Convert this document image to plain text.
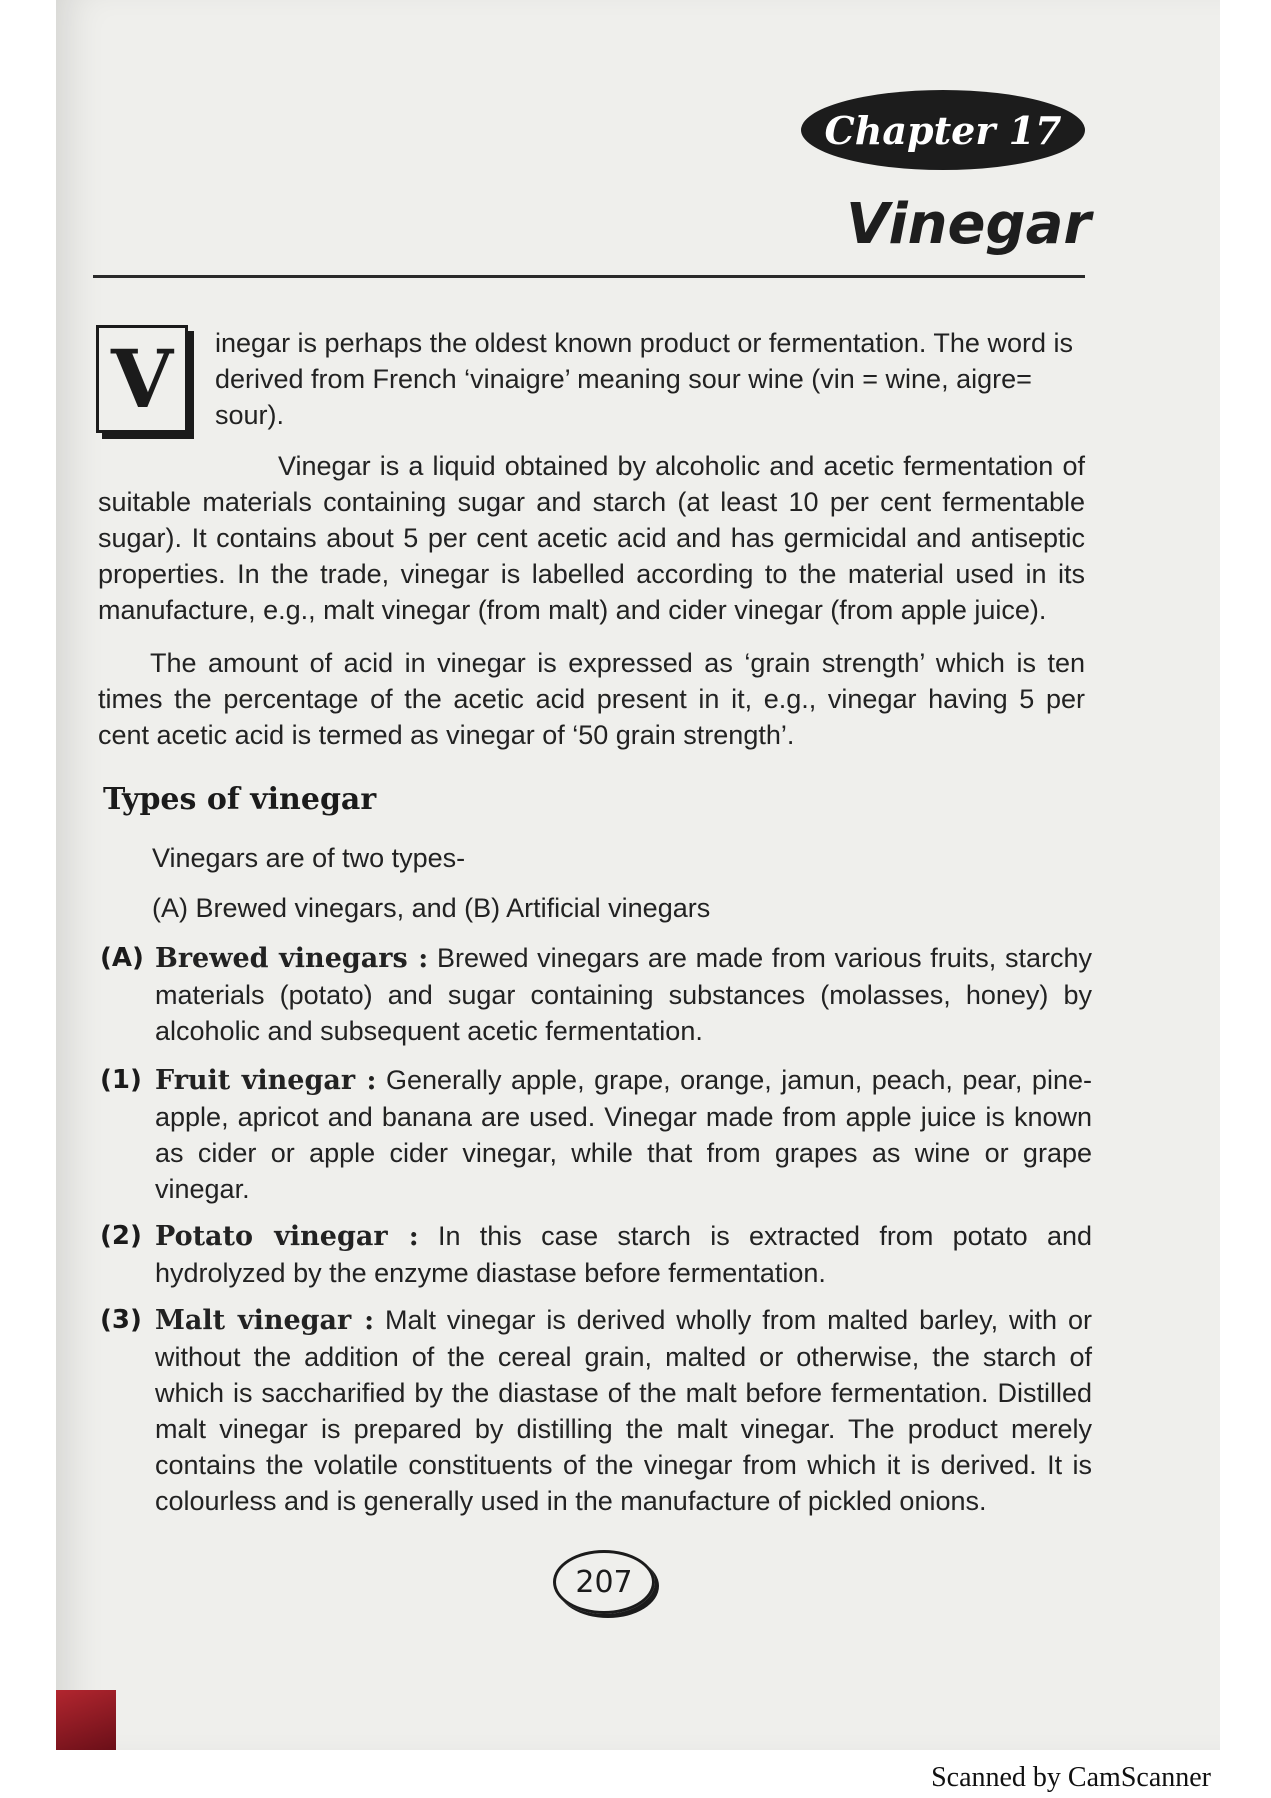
Chapter 17
Vinegar
V	inegar is perhaps the oldest known product or fermentation. The word is derived from French ‘vinaigre’ meaning sour wine (vin = wine, aigre= sour).

Vinegar is a liquid obtained by alcoholic and acetic fermentation of suitable materials containing sugar and starch (at least 10 per cent fermentable sugar). It contains about 5 per cent acetic acid and has germicidal and antiseptic properties. In the trade, vinegar is labelled according to the material used in its manufacture, e.g., malt vinegar (from malt) and cider vinegar (from apple juice).

The amount of acid in vinegar is expressed as ‘grain strength’ which is ten times the percentage of the acetic acid present in it, e.g., vinegar having 5 per cent acetic acid is termed as vinegar of ‘50 grain strength’.

Types of vinegar

Vinegars are of two types-

(A) Brewed vinegars, and (B) Artificial vinegars

(A) Brewed vinegars : Brewed vinegars are made from various fruits, starchy materials (potato) and sugar containing substances (molasses, honey) by alcoholic and subsequent acetic fermentation.

(1) Fruit vinegar : Generally apple, grape, orange, jamun, peach, pear, pine-apple, apricot and banana are used. Vinegar made from apple juice is known as cider or apple cider vinegar, while that from grapes as wine or grape vinegar.

(2) Potato vinegar : In this case starch is extracted from potato and hydrolyzed by the enzyme diastase before fermentation.

(3) Malt vinegar : Malt vinegar is derived wholly from malted barley, with or without the addition of the cereal grain, malted or otherwise, the starch of which is saccharified by the diastase of the malt before fermentation. Distilled malt vinegar is prepared by distilling the malt vinegar. The product merely contains the volatile constituents of the vinegar from which it is derived. It is colourless and is generally used in the manufacture of pickled onions.

207
Scanned by CamScanner
